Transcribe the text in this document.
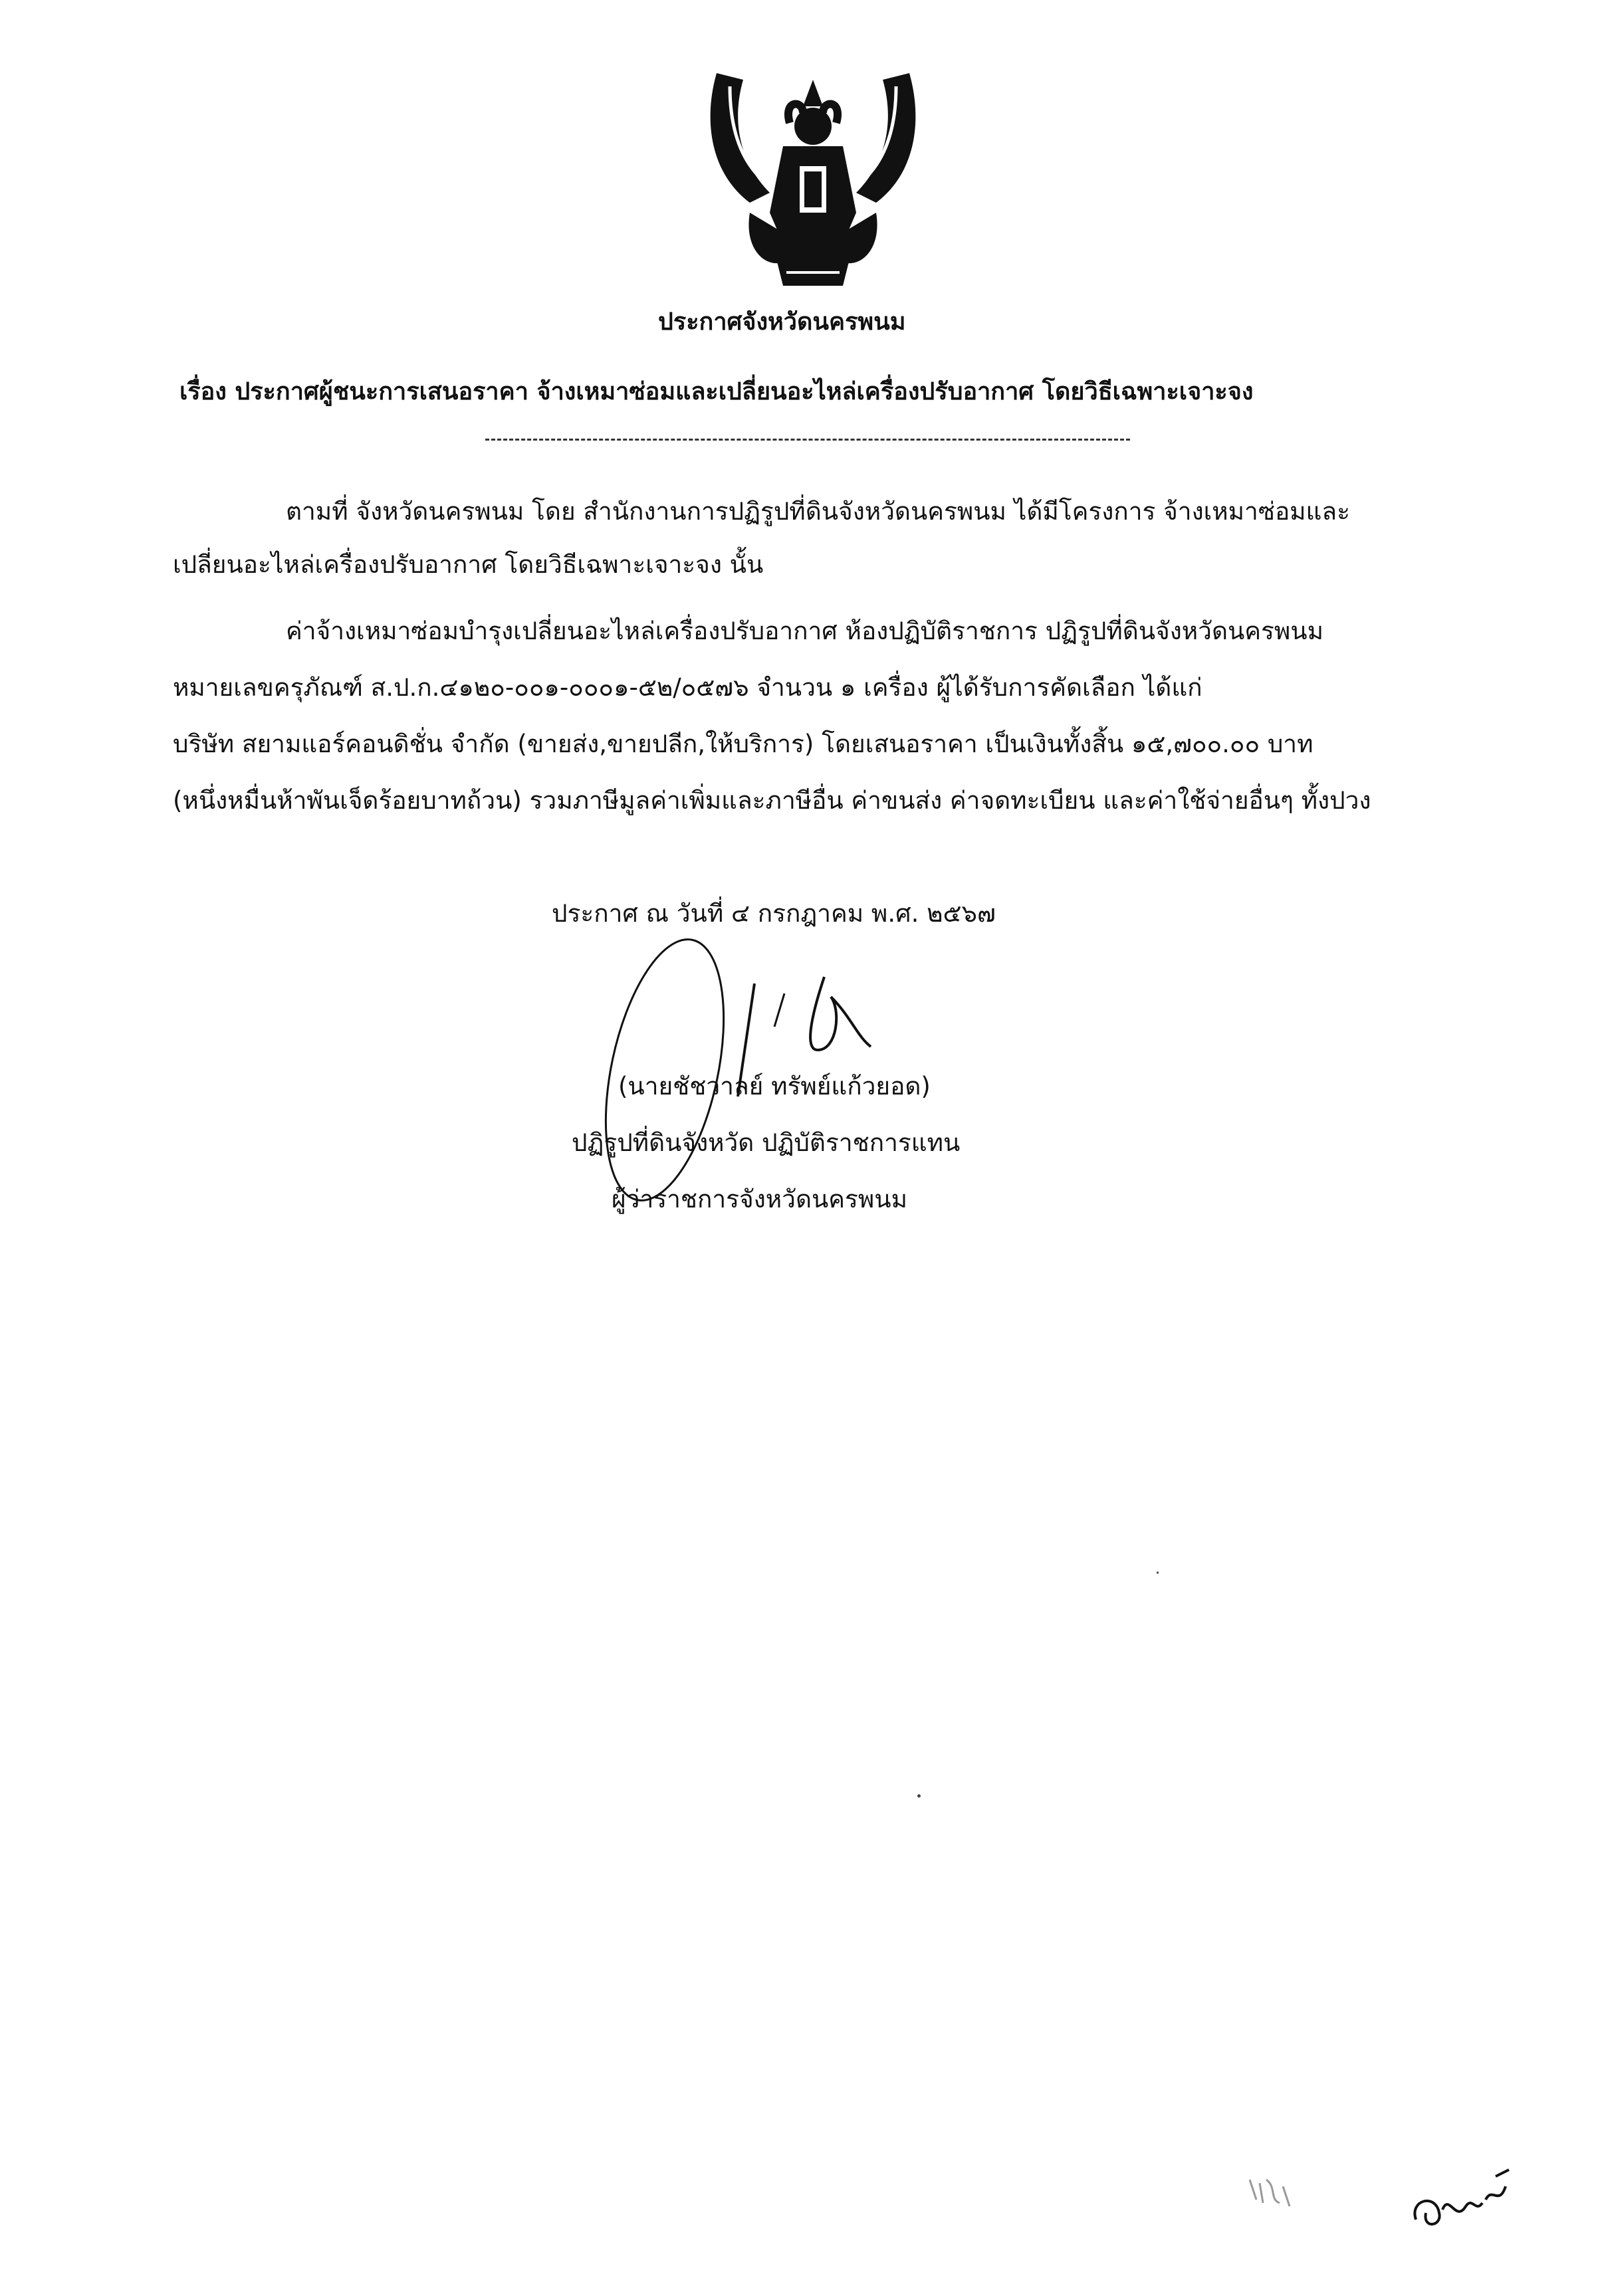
ประกาศจังหวัดนครพนม
เรื่อง ประกาศผู้ชนะการเสนอราคา จ้างเหมาซ่อมและเปลี่ยนอะไหล่เครื่องปรับอากาศ โดยวิธีเฉพาะเจาะจง
ตามที่ จังหวัดนครพนม โดย สำนักงานการปฏิรูปที่ดินจังหวัดนครพนม ได้มีโครงการ จ้างเหมาซ่อมและ
เปลี่ยนอะไหล่เครื่องปรับอากาศ โดยวิธีเฉพาะเจาะจง นั้น
ค่าจ้างเหมาซ่อมบำรุงเปลี่ยนอะไหล่เครื่องปรับอากาศ ห้องปฏิบัติราชการ ปฏิรูปที่ดินจังหวัดนครพนม
หมายเลขครุภัณฑ์ ส.ป.ก.๔๑๒๐-๐๐๑-๐๐๐๑-๕๒/๐๕๗๖ จำนวน ๑ เครื่อง ผู้ได้รับการคัดเลือก ได้แก่
บริษัท สยามแอร์คอนดิชั่น จำกัด (ขายส่ง,ขายปลีก,ให้บริการ) โดยเสนอราคา เป็นเงินทั้งสิ้น ๑๕,๗๐๐.๐๐ บาท
(หนึ่งหมื่นห้าพันเจ็ดร้อยบาทถ้วน) รวมภาษีมูลค่าเพิ่มและภาษีอื่น ค่าขนส่ง ค่าจดทะเบียน และค่าใช้จ่ายอื่นๆ ทั้งปวง
ประกาศ ณ วันที่ ๔ กรกฎาคม พ.ศ. ๒๕๖๗
(นายชัชวาลย์ ทรัพย์แก้วยอด)
ปฏิรูปที่ดินจังหวัด ปฏิบัติราชการแทน
ผู้ว่าราชการจังหวัดนครพนม
